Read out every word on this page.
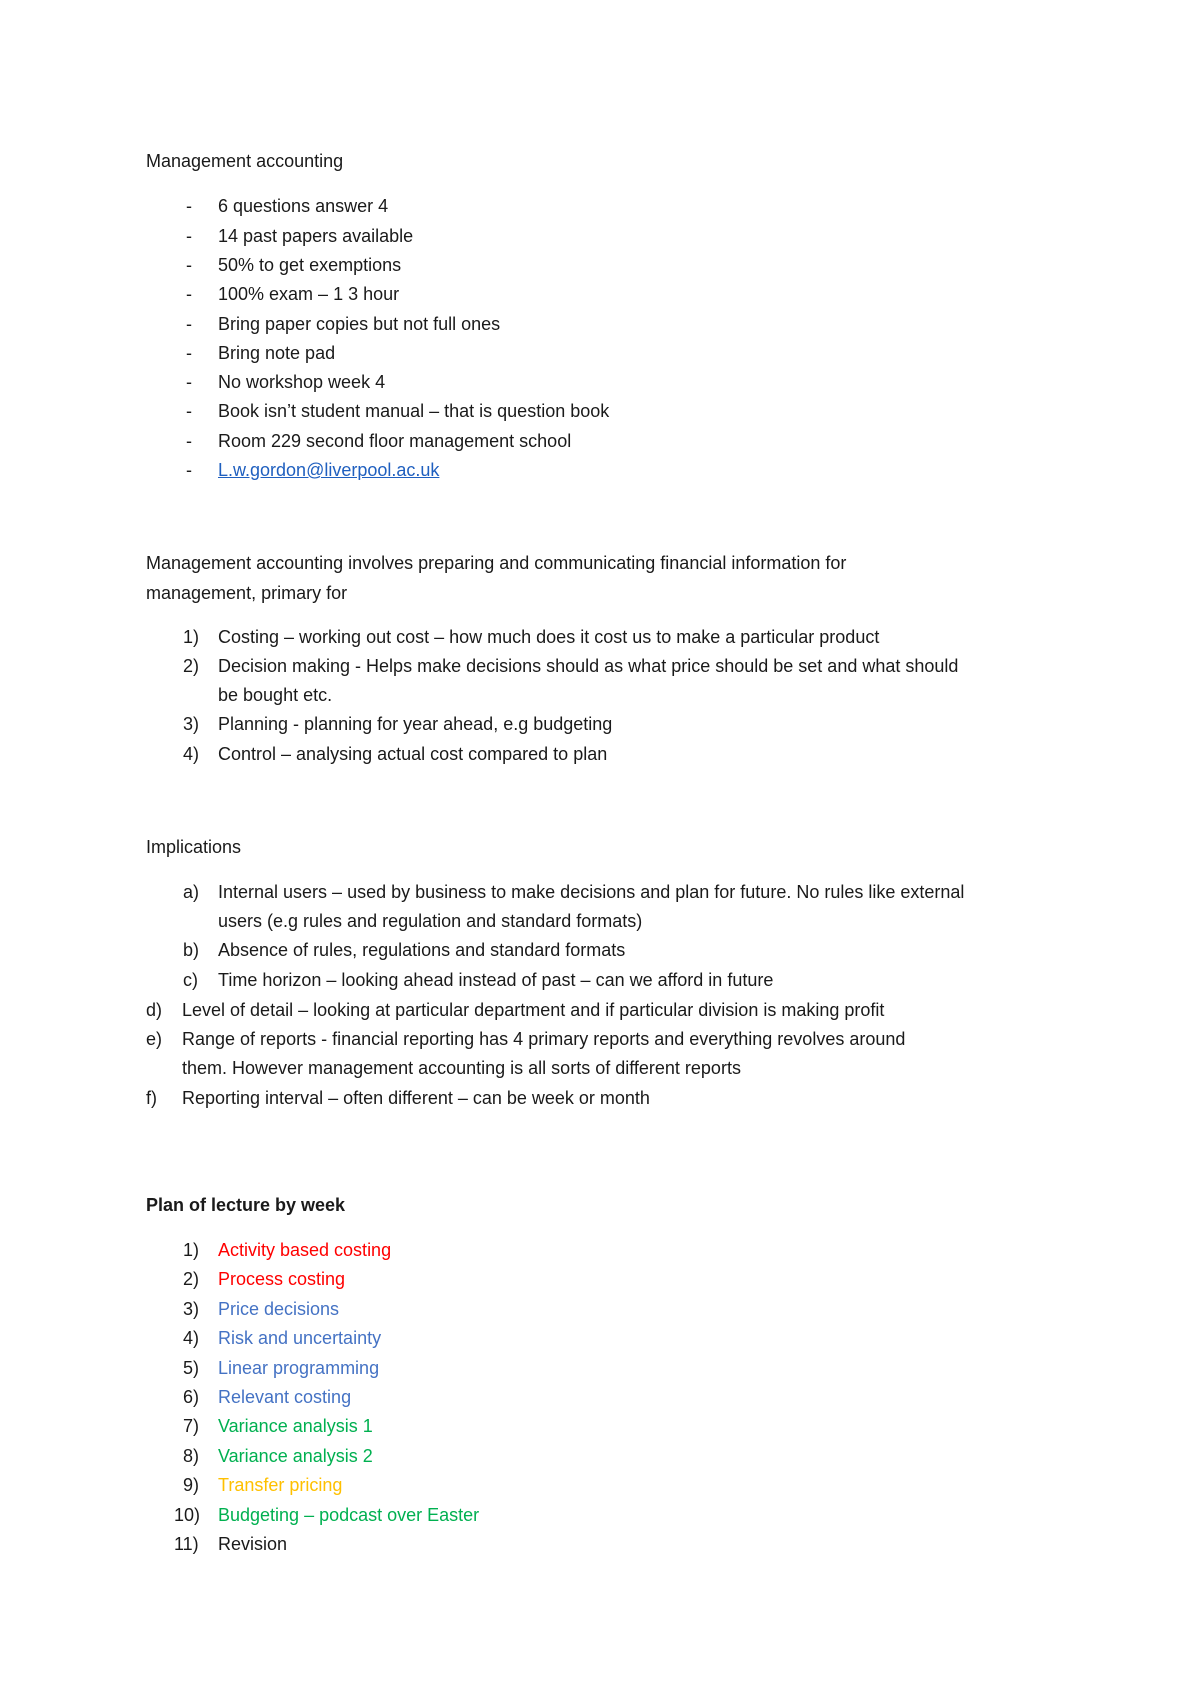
Management accounting
- 6 questions answer 4
- 14 past papers available
- 50% to get exemptions
- 100% exam – 1 3 hour
- Bring paper copies but not full ones
- Bring note pad
- No workshop week 4
- Book isn’t student manual – that is question book
- Room 229 second floor management school
- L.w.gordon@liverpool.ac.uk
Management accounting involves preparing and communicating financial information for
management, primary for
1) Costing – working out cost – how much does it cost us to make a particular product
2) Decision making - Helps make decisions should as what price should be set and what should
be bought etc.
3) Planning - planning for year ahead, e.g budgeting
4) Control – analysing actual cost compared to plan
Implications
a) Internal users – used by business to make decisions and plan for future. No rules like external
users (e.g rules and regulation and standard formats)
b) Absence of rules, regulations and standard formats
c) Time horizon – looking ahead instead of past – can we afford in future
d) Level of detail – looking at particular department and if particular division is making profit
e) Range of reports - financial reporting has 4 primary reports and everything revolves around
them. However management accounting is all sorts of different reports
f) Reporting interval – often different – can be week or month
Plan of lecture by week
1) Activity based costing
2) Process costing
3) Price decisions
4) Risk and uncertainty
5) Linear programming
6) Relevant costing
7) Variance analysis 1
8) Variance analysis 2
9) Transfer pricing
10) Budgeting – podcast over Easter
11) Revision
